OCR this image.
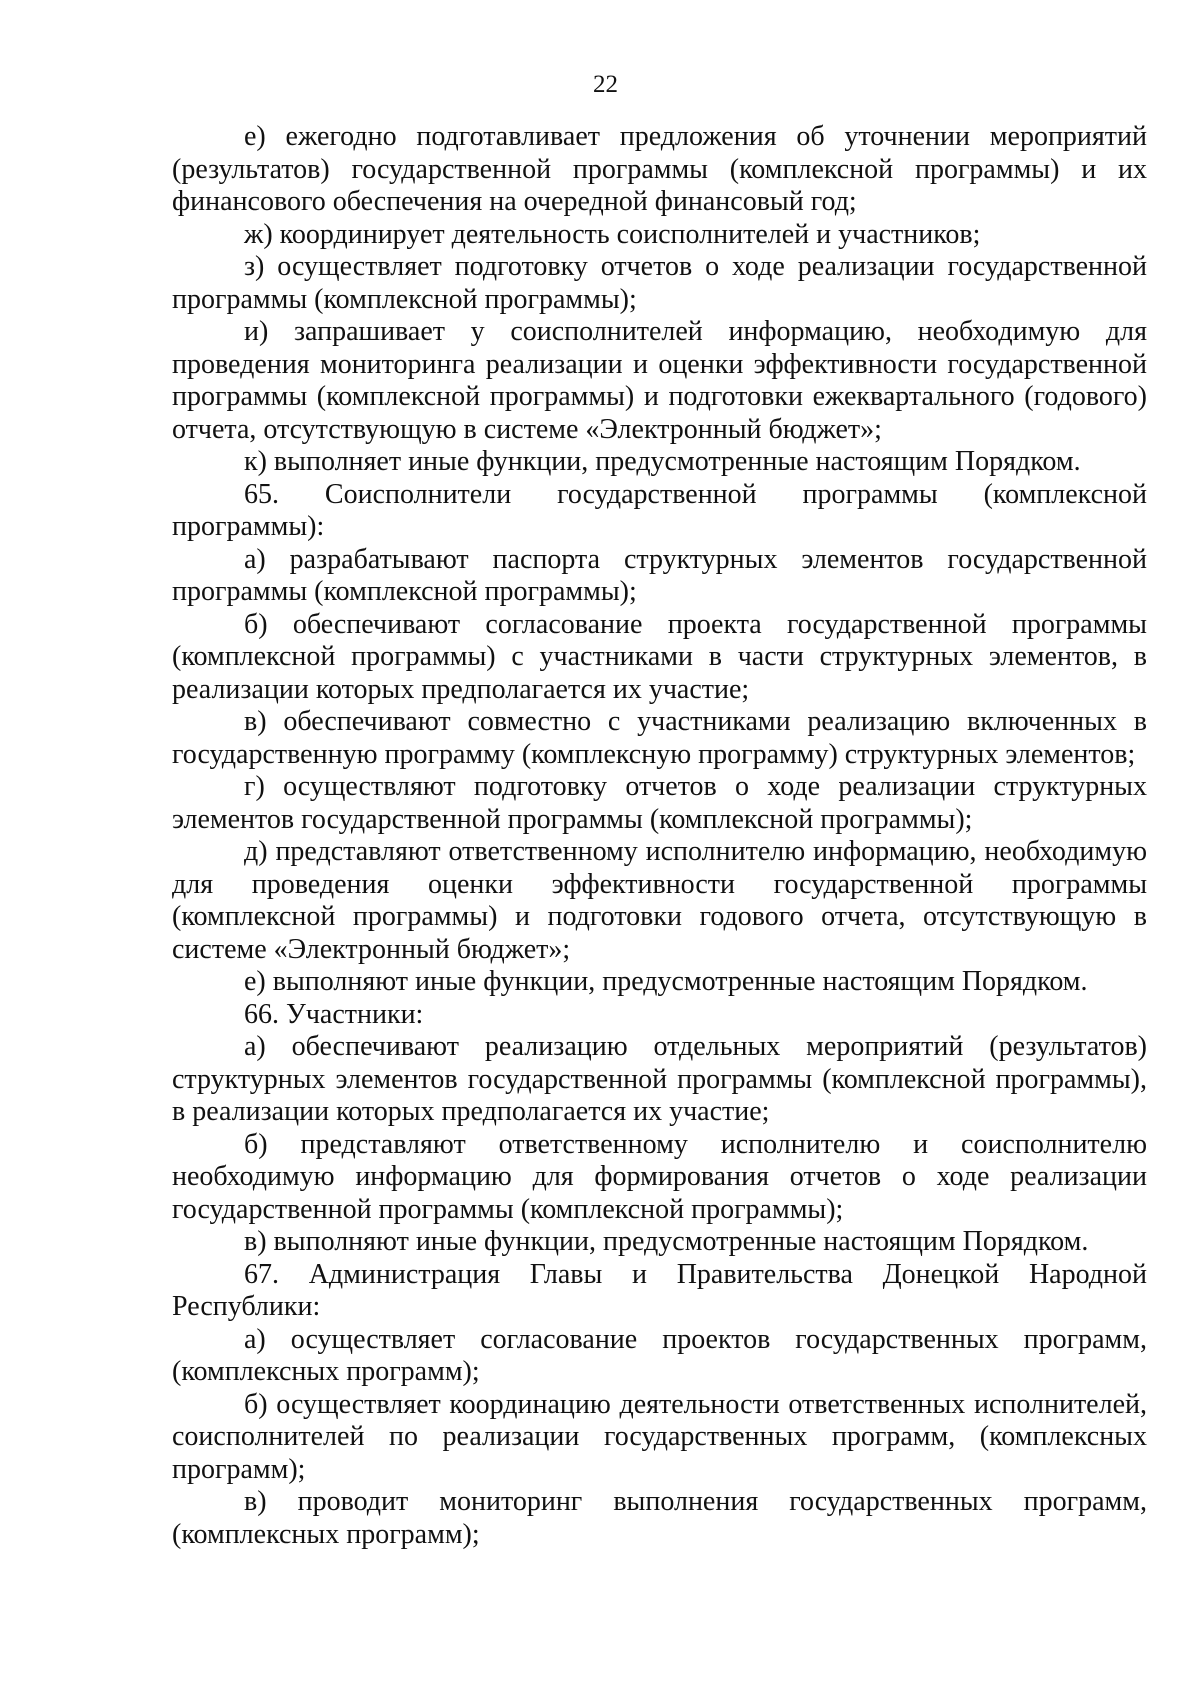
22

е) ежегодно подготавливает предложения об уточнении мероприятий (результатов) государственной программы (комплексной программы) и их финансового обеспечения на очередной финансовый год;

ж) координирует деятельность соисполнителей и участников;

з) осуществляет подготовку отчетов о ходе реализации государственной программы (комплексной программы);

и) запрашивает у соисполнителей информацию, необходимую для проведения мониторинга реализации и оценки эффективности государственной программы (комплексной программы) и подготовки ежеквартального (годового) отчета, отсутствующую в системе «Электронный бюджет»;

к) выполняет иные функции, предусмотренные настоящим Порядком.

65. Соисполнители государственной программы (комплексной программы):

а) разрабатывают паспорта структурных элементов государственной программы (комплексной программы);

б) обеспечивают согласование проекта государственной программы (комплексной программы) с участниками в части структурных элементов, в реализации которых предполагается их участие;

в) обеспечивают совместно с участниками реализацию включенных в государственную программу (комплексную программу) структурных элементов;

г) осуществляют подготовку отчетов о ходе реализации структурных элементов государственной программы (комплексной программы);

д) представляют ответственному исполнителю информацию, необходимую для проведения оценки эффективности государственной программы (комплексной программы) и подготовки годового отчета, отсутствующую в системе «Электронный бюджет»;

е) выполняют иные функции, предусмотренные настоящим Порядком.

66. Участники:

а) обеспечивают реализацию отдельных мероприятий (результатов) структурных элементов государственной программы (комплексной программы), в реализации которых предполагается их участие;

б) представляют ответственному исполнителю и соисполнителю необходимую информацию для формирования отчетов о ходе реализации государственной программы (комплексной программы);

в) выполняют иные функции, предусмотренные настоящим Порядком.

67. Администрация Главы и Правительства Донецкой Народной Республики:

а) осуществляет согласование проектов государственных программ, (комплексных программ);

б) осуществляет координацию деятельности ответственных исполнителей, соисполнителей по реализации государственных программ, (комплексных программ);

в) проводит мониторинг выполнения государственных программ, (комплексных программ);
